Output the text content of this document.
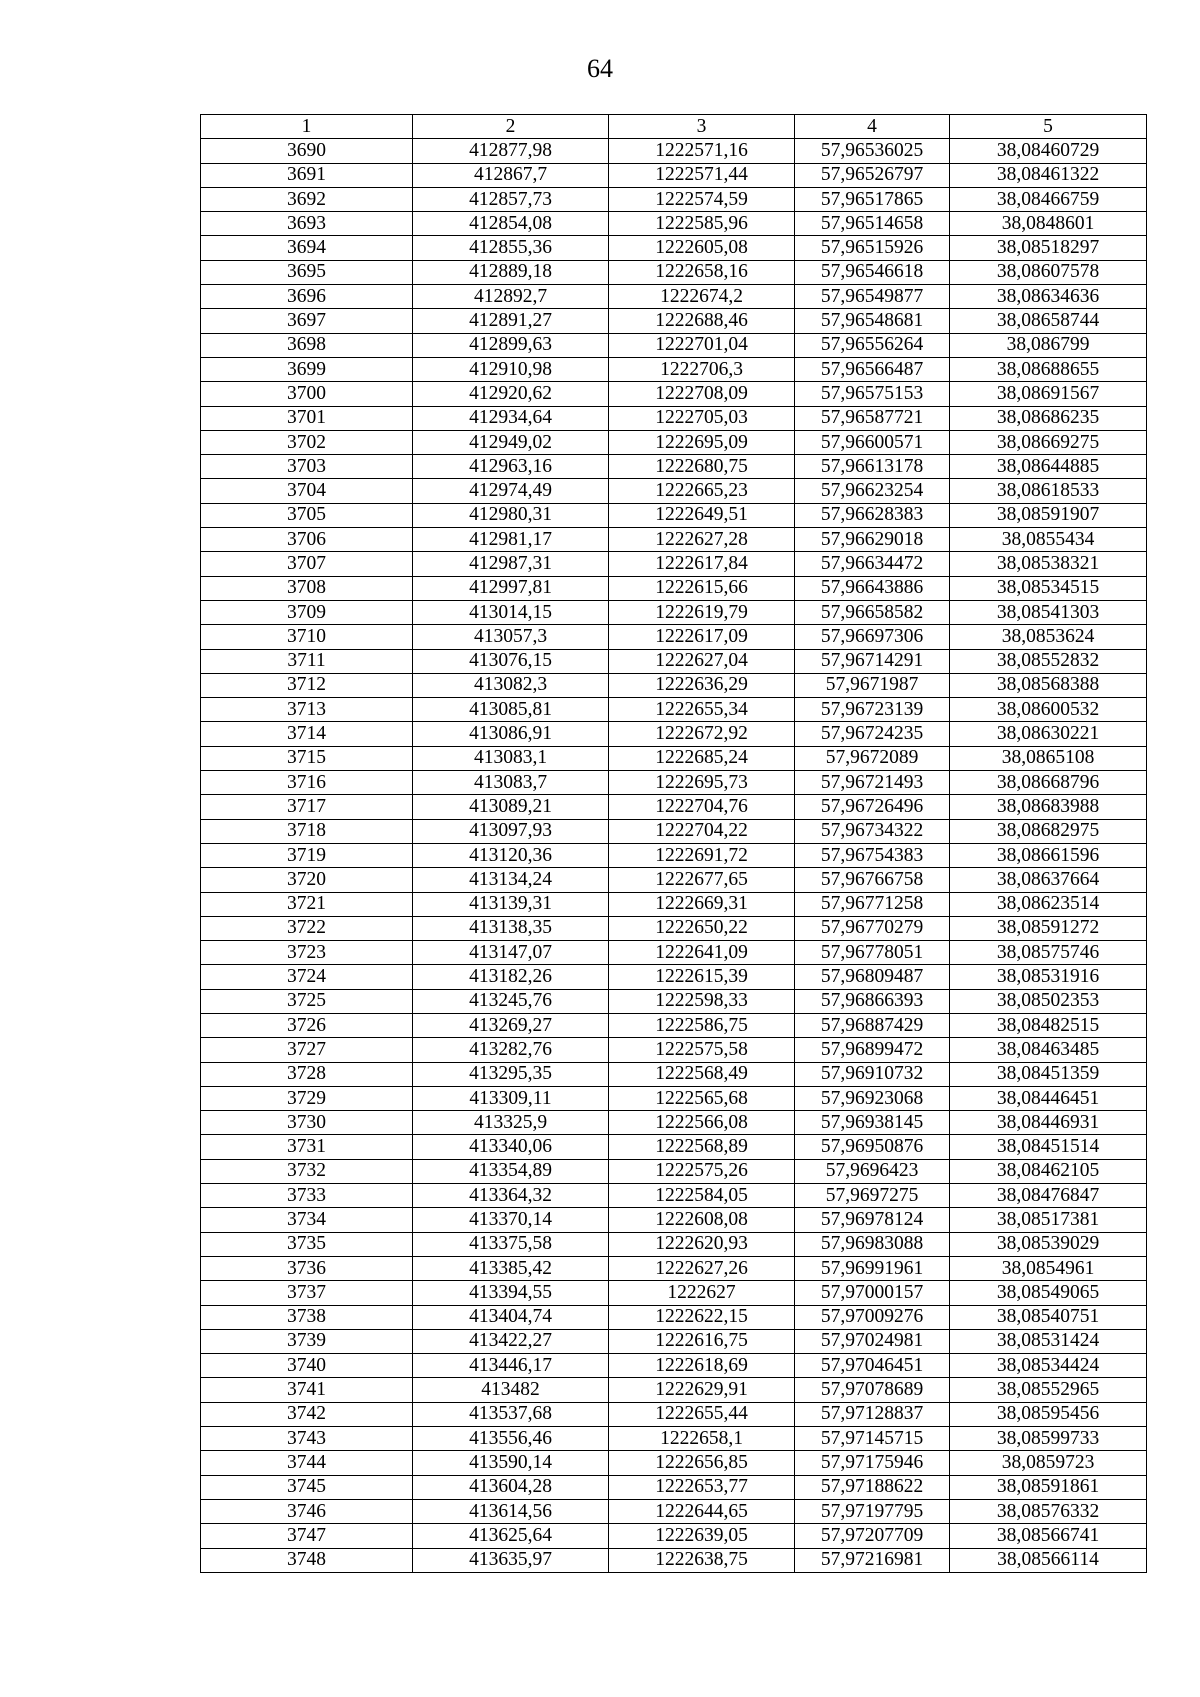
64
1	2	3	4	5
3690	412877,98	1222571,16	57,96536025	38,08460729
3691	412867,7	1222571,44	57,96526797	38,08461322
3692	412857,73	1222574,59	57,96517865	38,08466759
3693	412854,08	1222585,96	57,96514658	38,0848601
3694	412855,36	1222605,08	57,96515926	38,08518297
3695	412889,18	1222658,16	57,96546618	38,08607578
3696	412892,7	1222674,2	57,96549877	38,08634636
3697	412891,27	1222688,46	57,96548681	38,08658744
3698	412899,63	1222701,04	57,96556264	38,086799
3699	412910,98	1222706,3	57,96566487	38,08688655
3700	412920,62	1222708,09	57,96575153	38,08691567
3701	412934,64	1222705,03	57,96587721	38,08686235
3702	412949,02	1222695,09	57,96600571	38,08669275
3703	412963,16	1222680,75	57,96613178	38,08644885
3704	412974,49	1222665,23	57,96623254	38,08618533
3705	412980,31	1222649,51	57,96628383	38,08591907
3706	412981,17	1222627,28	57,96629018	38,0855434
3707	412987,31	1222617,84	57,96634472	38,08538321
3708	412997,81	1222615,66	57,96643886	38,08534515
3709	413014,15	1222619,79	57,96658582	38,08541303
3710	413057,3	1222617,09	57,96697306	38,0853624
3711	413076,15	1222627,04	57,96714291	38,08552832
3712	413082,3	1222636,29	57,9671987	38,08568388
3713	413085,81	1222655,34	57,96723139	38,08600532
3714	413086,91	1222672,92	57,96724235	38,08630221
3715	413083,1	1222685,24	57,9672089	38,0865108
3716	413083,7	1222695,73	57,96721493	38,08668796
3717	413089,21	1222704,76	57,96726496	38,08683988
3718	413097,93	1222704,22	57,96734322	38,08682975
3719	413120,36	1222691,72	57,96754383	38,08661596
3720	413134,24	1222677,65	57,96766758	38,08637664
3721	413139,31	1222669,31	57,96771258	38,08623514
3722	413138,35	1222650,22	57,96770279	38,08591272
3723	413147,07	1222641,09	57,96778051	38,08575746
3724	413182,26	1222615,39	57,96809487	38,08531916
3725	413245,76	1222598,33	57,96866393	38,08502353
3726	413269,27	1222586,75	57,96887429	38,08482515
3727	413282,76	1222575,58	57,96899472	38,08463485
3728	413295,35	1222568,49	57,96910732	38,08451359
3729	413309,11	1222565,68	57,96923068	38,08446451
3730	413325,9	1222566,08	57,96938145	38,08446931
3731	413340,06	1222568,89	57,96950876	38,08451514
3732	413354,89	1222575,26	57,9696423	38,08462105
3733	413364,32	1222584,05	57,9697275	38,08476847
3734	413370,14	1222608,08	57,96978124	38,08517381
3735	413375,58	1222620,93	57,96983088	38,08539029
3736	413385,42	1222627,26	57,96991961	38,0854961
3737	413394,55	1222627	57,97000157	38,08549065
3738	413404,74	1222622,15	57,97009276	38,08540751
3739	413422,27	1222616,75	57,97024981	38,08531424
3740	413446,17	1222618,69	57,97046451	38,08534424
3741	413482	1222629,91	57,97078689	38,08552965
3742	413537,68	1222655,44	57,97128837	38,08595456
3743	413556,46	1222658,1	57,97145715	38,08599733
3744	413590,14	1222656,85	57,97175946	38,0859723
3745	413604,28	1222653,77	57,97188622	38,08591861
3746	413614,56	1222644,65	57,97197795	38,08576332
3747	413625,64	1222639,05	57,97207709	38,08566741
3748	413635,97	1222638,75	57,97216981	38,08566114
